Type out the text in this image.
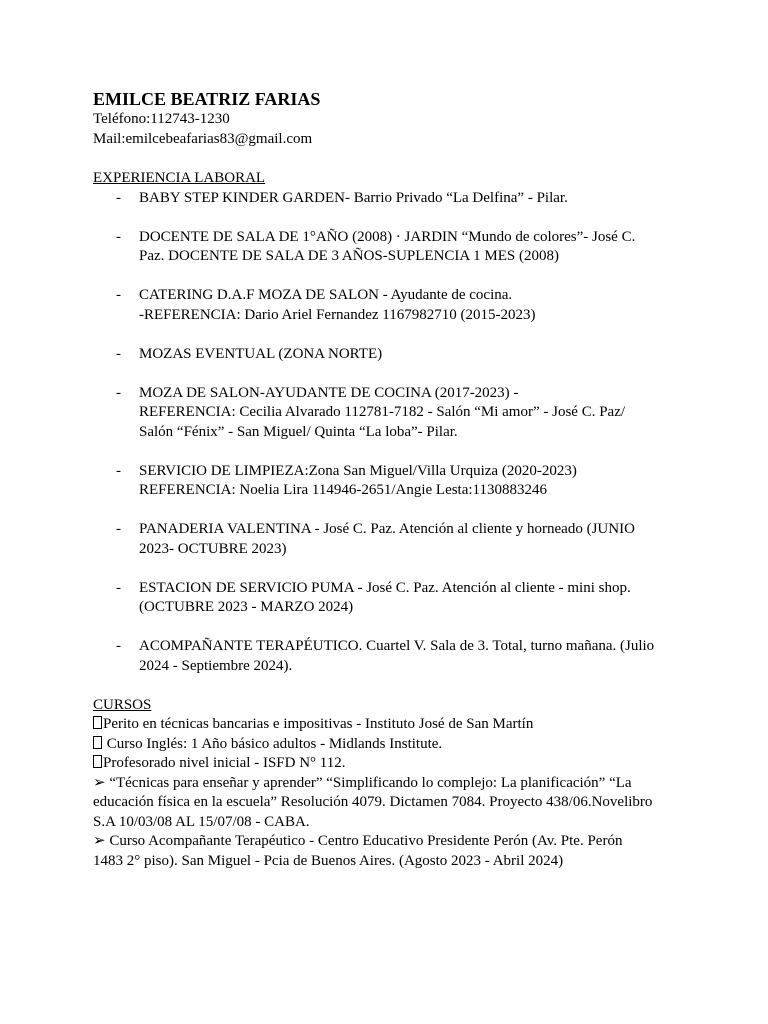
EMILCE BEATRIZ FARIAS

Teléfono:112743-1230

Mail:emilcebeafarias83@gmail.com

EXPERIENCIA LABORAL

- BABY STEP KINDER GARDEN- Barrio Privado “La Delfina” - Pilar.
- DOCENTE DE SALA DE 1°AÑO (2008) · JARDIN “Mundo de colores”- José C.
Paz. DOCENTE DE SALA DE 3 AÑOS-SUPLENCIA 1 MES (2008)
- CATERING D.A.F MOZA DE SALON - Ayudante de cocina.
-REFERENCIA: Dario Ariel Fernandez 1167982710 (2015-2023)
- MOZAS EVENTUAL (ZONA NORTE)
- MOZA DE SALON-AYUDANTE DE COCINA (2017-2023) -
REFERENCIA: Cecilia Alvarado 112781-7182 - Salón “Mi amor” - José C. Paz/
Salón “Fénix” - San Miguel/ Quinta “La loba”- Pilar.
- SERVICIO DE LIMPIEZA:Zona San Miguel/Villa Urquiza (2020-2023)
REFERENCIA: Noelia Lira 114946-2651/Angie Lesta:1130883246
- PANADERIA VALENTINA - José C. Paz. Atención al cliente y horneado (JUNIO
2023- OCTUBRE 2023)
- ESTACION DE SERVICIO PUMA - José C. Paz. Atención al cliente - mini shop.
(OCTUBRE 2023 - MARZO 2024)
- ACOMPAÑANTE TERAPÉUTICO. Cuartel V. Sala de 3. Total, turno mañana. (Julio
2024 - Septiembre 2024).

CURSOS

Perito en técnicas bancarias e impositivas - Instituto José de San Martín

Curso Inglés: 1 Año básico adultos - Midlands Institute.

Profesorado nivel inicial - ISFD N° 112.

➢ “Técnicas para enseñar y aprender” “Simplificando lo complejo: La planificación” “La

educación física en la escuela” Resolución 4079. Dictamen 7084. Proyecto 438/06.Novelibro

S.A 10/03/08 AL 15/07/08 - CABA.

➢ Curso Acompañante Terapéutico - Centro Educativo Presidente Perón (Av. Pte. Perón

1483 2° piso). San Miguel - Pcia de Buenos Aires. (Agosto 2023 - Abril 2024)
